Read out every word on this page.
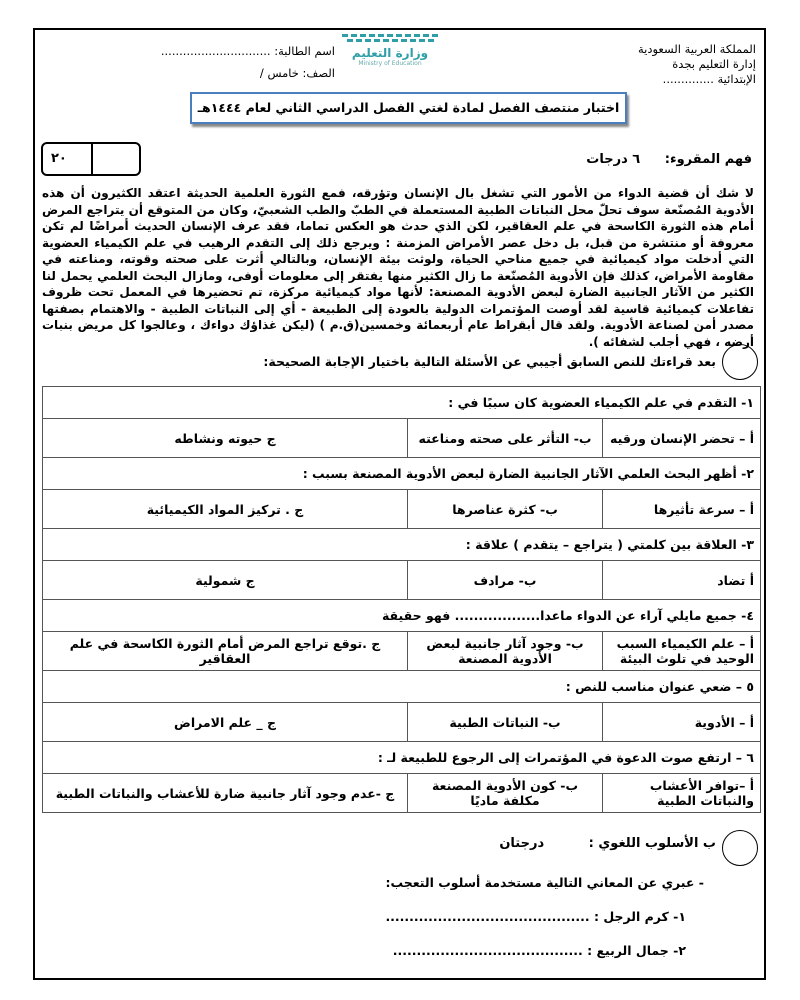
المملكة العربية السعودية
إدارة التعليم بجدة
الإبتدائية ..............
وزارة التعليم
Ministry of Education
اسم الطالبة: ..............................
الصف: خامس /
اختبار منتصف الفصل لمادة لغتي الفصل الدراسي الثاني لعام ١٤٤٤هـ
٢٠	فهم المقروء: ٦ درجات

لا شك أن قضية الدواء من الأمور التي تشغل بال الإنسان وتؤرقه، فمع الثورة العلمية الحديثة اعتقد الكثيرون أن هذه الأدوية المُصنّعة سوف تحلّ محل النباتات الطبية المستعملة في الطبّ والطب الشعبيّ، وكان من المتوقع أن يتراجع المرض أمام هذه الثورة الكاسحة في علم العقاقير، لكن الذي حدث هو العكس تماما، فقد عرف الإنسان الحديث أمراضًا لم تكن معروفة أو منتشرة من قبل، بل دخل عصر الأمراض المزمنة : ويرجع ذلك إلى التقدم الرهيب في علم الكيمياء العضوية التي أدخلت مواد كيميائية في جميع مناحي الحياة، ولوثت بيئة الإنسان، وبالتالي أثرت على صحته وقوته، ومناعته في مقاومة الأمراض، كذلك فإن الأدوية المُصنّعة ما زال الكثير منها يفتقر إلى معلومات أوفى، ومازال البحث العلمي يحمل لنا الكثير من الآثار الجانبية الضارة لبعض الأدوية المصنعة: لأنها مواد كيميائية مركزة، تم تحضيرها في المعمل تحت ظروف تفاعلات كيميائية قاسية لقد أوصت المؤتمرات الدولية بالعودة إلى الطبيعة - أي إلى النباتات الطبية - والاهتمام بصفتها مصدر أمن لصناعة الأدوية. ولقد قال أبقراط عام أربعمائة وخمسين(ق.م ) (ليكن غذاؤك دواءك ، وعالجوا كل مريض بنبات أرضه ، فهي أجلب لشفائه ).

بعد قراءتك للنص السابق أجيبي عن الأسئلة التالية باختيار الإجابة الصحيحة:
١- التقدم في علم الكيمياء العضوية كان سببًا في :		
أ – تحضر الإنسان ورقيه	ب- التأثر على صحته ومناعته	ج حيوته ونشاطه
٢- أظهر البحث العلمي الآثار الجانبية الضارة لبعض الأدوية المصنعة بسبب :		
أ – سرعة تأثيرها	ب- كثرة عناصرها	ج . تركيز المواد الكيميائية
٣- العلاقة بين كلمتي ( يتراجع – يتقدم ) علاقة :		
أ تضاد	ب- مرادف	ج شمولية
٤- جميع مايلي آراء عن الدواء ماعدا.................. فهو حقيقة		
أ – علم الكيمياء السبب الوحيد في تلوث البيئة	ب- وجود آثار جانبية لبعض الأدوية المصنعة	ج .توقع تراجع المرض أمام الثورة الكاسحة في علم العقاقير
٥ – ضعي عنوان مناسب للنص :		
أ – الأدوية	ب- النباتات الطبية	ج _ علم الامراض
٦ – ارتفع صوت الدعوة في المؤتمرات إلى الرجوع للطبيعة لـ :		
أ –توافر الأعشاب والنباتات الطبية	ب- كون الأدوية المصنعة مكلفة ماديًا	ج -عدم وجود آثار جانبية ضارة للأعشاب والنباتات الطبية
ب الأسلوب اللغوي : درجتان
- عبري عن المعاني التالية مستخدمة أسلوب التعجب:
١- كرم الرجل : ...........................................
٢- جمال الربيع : ........................................
